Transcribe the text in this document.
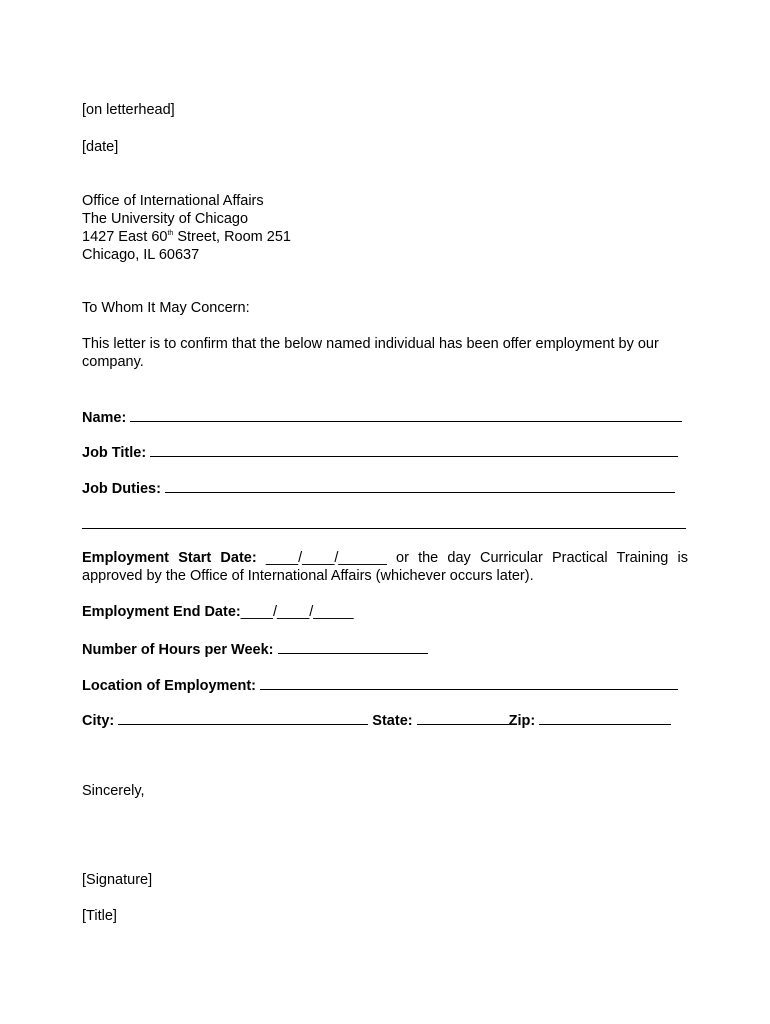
[on letterhead]
[date]
Office of International Affairs
The University of Chicago
1427 East 60th Street, Room 251
Chicago, IL 60637
To Whom It May Concern:
This letter is to confirm that the below named individual has been offer employment by our company.
Name:
Job Title:
Job Duties:
Employment Start Date: ____/____/______ or the day Curricular Practical Training is approved by the Office of International Affairs (whichever occurs later).
Employment End Date:____/____/_____
Number of Hours per Week:
Location of Employment:
City:	State:	Zip:
Sincerely,
[Signature]
[Title]
